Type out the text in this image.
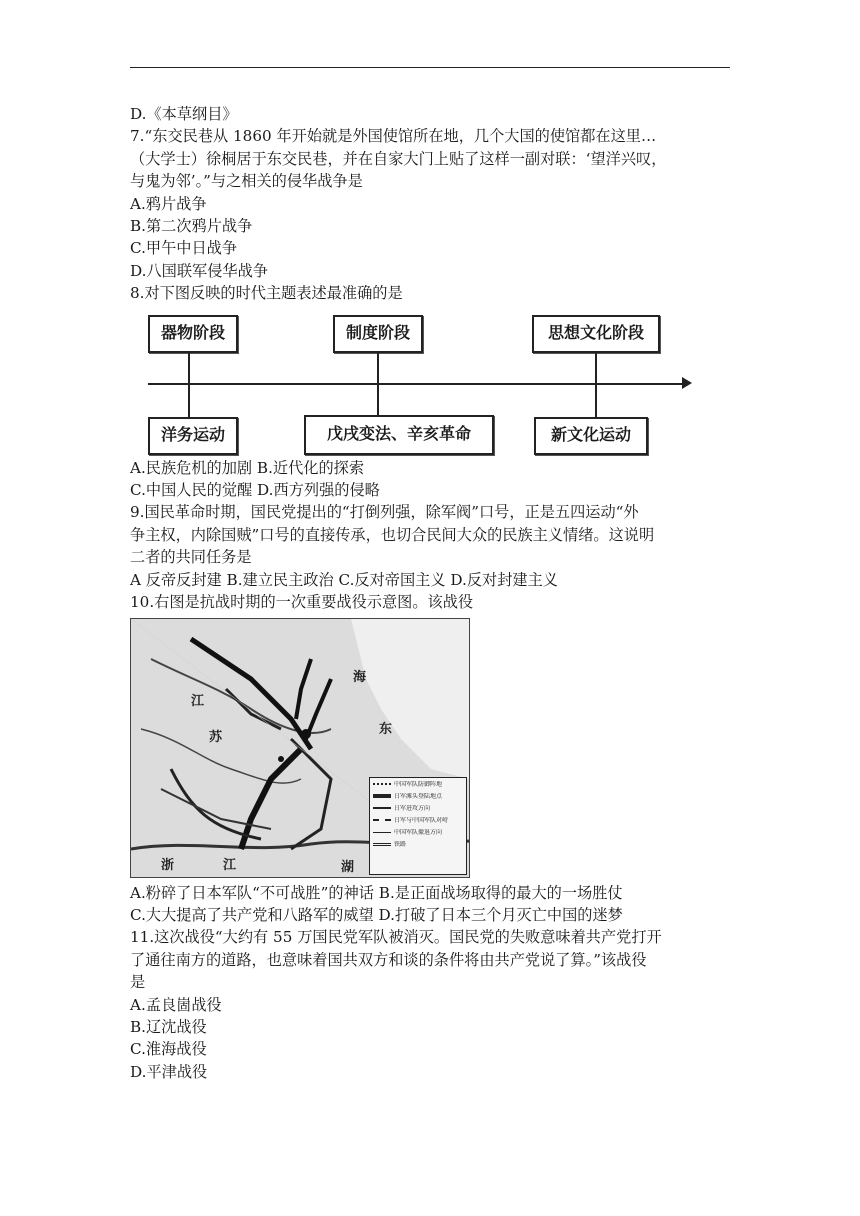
D.《本草纲目》
7.“东交民巷从 1860 年开始就是外国使馆所在地，几个大国的使馆都在这里…
（大学士）徐桐居于东交民巷，并在自家大门上贴了这样一副对联：‘望洋兴叹，
与鬼为邻’。”与之相关的侵华战争是
A.鸦片战争
B.第二次鸦片战争
C.甲午中日战争
D.八国联军侵华战争
8.对下图反映的时代主题表述最准确的是
器物阶段	制度阶段	思想文化阶段
洋务运动	戊戌变法、辛亥革命	新文化运动
A.民族危机的加剧 B.近代化的探索
C.中国人民的觉醒 D.西方列强的侵略
9.国民革命时期，国民党提出的“打倒列强，除军阀”口号，正是五四运动“外
争主权，内除国贼”口号的直接传承，也切合民间大众的民族主义情绪。这说明
二者的共同任务是
A 反帝反封建 B.建立民主政治 C.反对帝国主义 D.反对封建主义
10.右图是抗战时期的一次重要战役示意图。该战役
江
苏
海
东
浙	江	湖
中国军队防御阵地
日军滩头登陆地点
日军进攻方向
日军与中国军队对峙
中国军队撤退方向
铁路
A.粉碎了日本军队“不可战胜”的神话 B.是正面战场取得的最大的一场胜仗
C.大大提高了共产党和八路军的威望 D.打破了日本三个月灭亡中国的迷梦
11.这次战役“大约有 55 万国民党军队被消灭。国民党的失败意味着共产党打开
了通往南方的道路，也意味着国共双方和谈的条件将由共产党说了算。”该战役
是
A.孟良崮战役
B.辽沈战役
C.淮海战役
D.平津战役
